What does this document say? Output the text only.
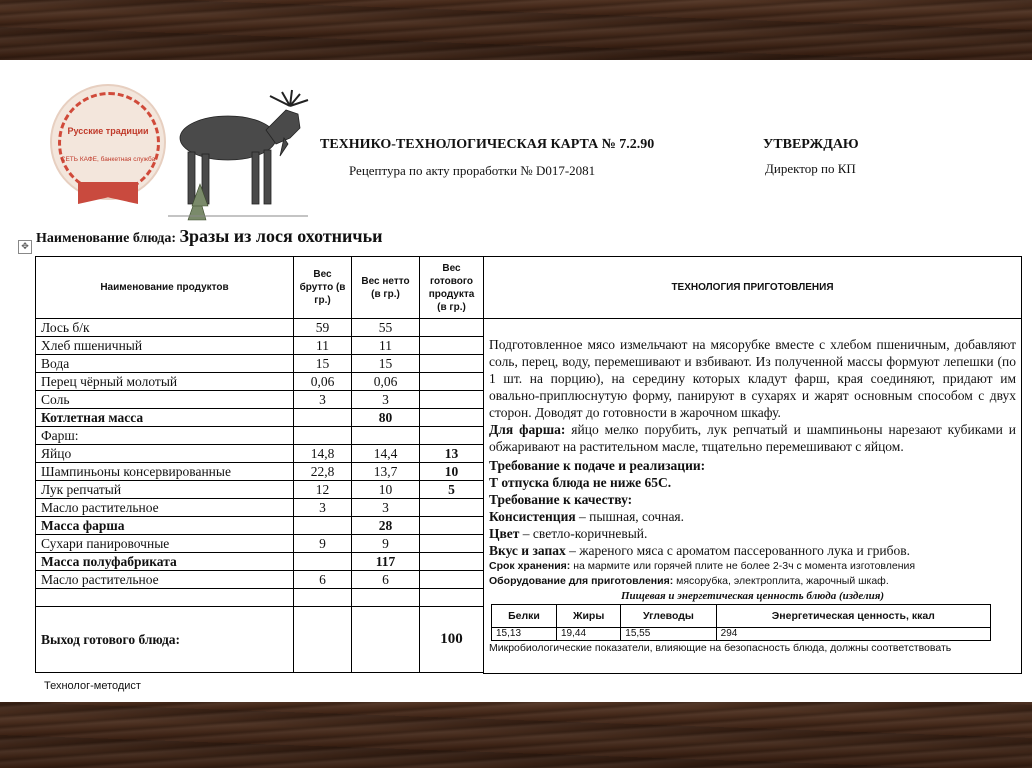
Русские традиции
СЕТЬ КАФЕ, банкетная служба
ТЕХНИКО-ТЕХНОЛОГИЧЕСКАЯ КАРТА № 7.2.90	УТВЕРЖДАЮ
Рецептура по акту проработки № D017-2081	Директор по КП
✥
Наименование блюда: Зразы из лося охотничьи
Наименование продуктов	Вес брутто (в гр.)	Вес нетто (в гр.)	Вес готового продукта (в гр.)	ТЕХНОЛОГИЯ ПРИГОТОВЛЕНИЯ
Лось б/к	59	55		

Подготовленное мясо измельчают на мясорубке вместе с хлебом пшеничным, добавляют соль, перец, воду, перемешивают и взбивают. Из полученной массы формуют лепешки (по 1 шт. на порцию), на середину которых кладут фарш, края соединяют, придают им овально-приплюснутую форму, панируют в сухарях и жарят основным способом с двух сторон. Доводят до готовности в жарочном шкафу.

Для фарша: яйцо мелко порубить, лук репчатый и шампиньоны нарезают кубиками и обжаривают на растительном масле, тщательно перемешивают с яйцом.

Требование к подаче и реализации:

Т отпуска блюда не ниже 65С.

Требование к качеству:

Консистенция – пышная, сочная.

Цвет – светло-коричневый.

Вкус и запах – жареного мяса с ароматом пассерованного лука и грибов.

Срок хранения: на мармите или горячей плите не более 2-3ч с момента изготовления

Оборудование для приготовления: мясорубка, электроплита, жарочный шкаф.

Пищевая и энергетическая ценность блюда (изделия)
Белки	Жиры	Углеводы	Энергетическая ценность, ккал
15,13	19,44	15,55	294

Микробиологические показатели, влияющие на безопасность блюда, должны соответствовать

Хлеб пшеничный	11	11	
Вода	15	15	
Перец чёрный молотый	0,06	0,06	
Соль	3	3	
Котлетная масса		80	
Фарш:			
Яйцо	14,8	14,4	13
Шампиньоны консервированные	22,8	13,7	10
Лук репчатый	12	10	5
Масло растительное	3	3	
Масса фарша		28	
Сухари панировочные	9	9	
Масса полуфабриката		117	
Масло растительное	6	6	

Выход готового блюда:			100

Технолог-методист
